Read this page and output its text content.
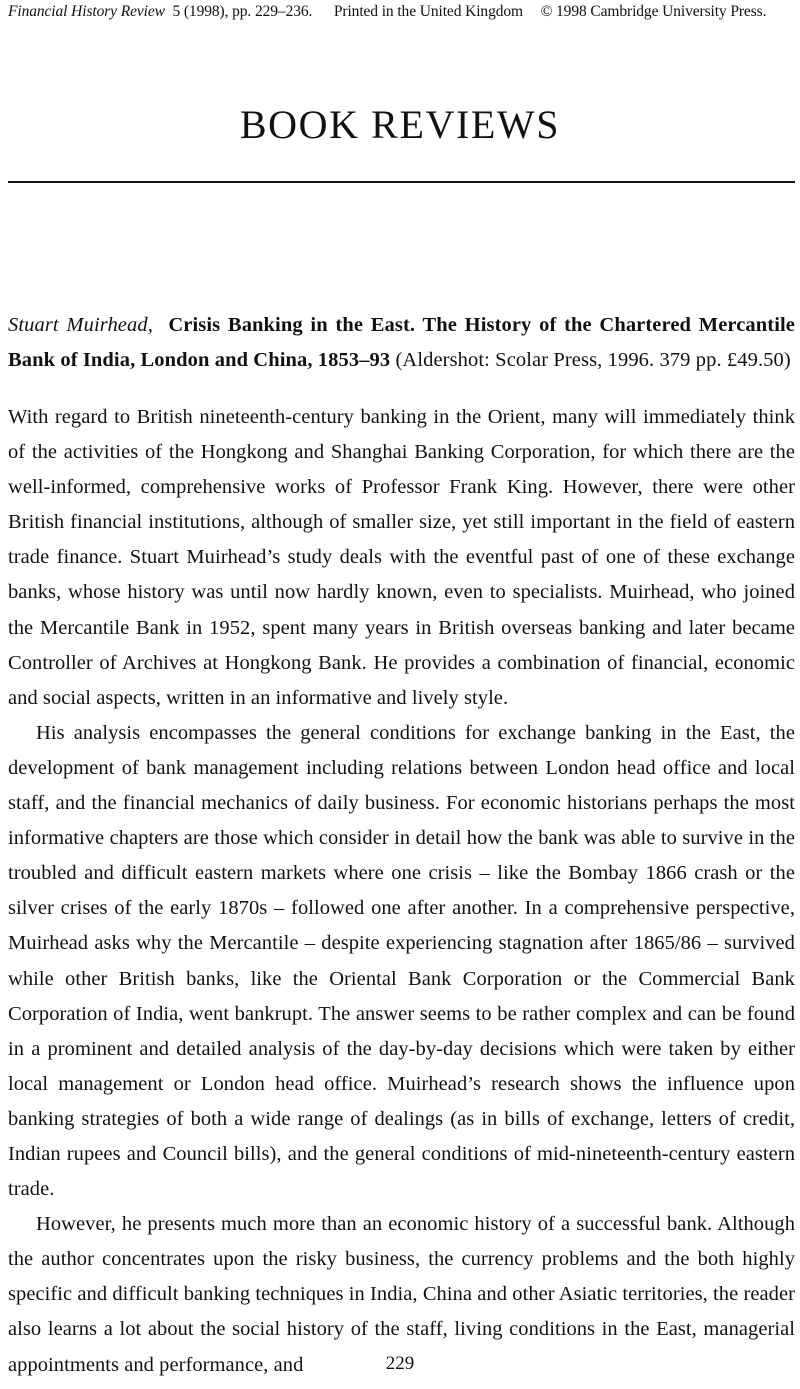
Financial History Review 5 (1998), pp. 229–236. Printed in the United Kingdom © 1998 Cambridge University Press.
BOOK REVIEWS

Stuart Muirhead, Crisis Banking in the East. The History of the Chartered Mercantile Bank of India, London and China, 1853–93 (Aldershot: Scolar Press, 1996. 379 pp. £49.50)

With regard to British nineteenth-century banking in the Orient, many will immediately think of the activities of the Hongkong and Shanghai Banking Corporation, for which there are the well-informed, comprehensive works of Professor Frank King. However, there were other British financial institutions, although of smaller size, yet still important in the field of eastern trade finance. Stuart Muirhead’s study deals with the eventful past of one of these exchange banks, whose history was until now hardly known, even to specialists. Muirhead, who joined the Mercantile Bank in 1952, spent many years in British overseas banking and later became Controller of Archives at Hongkong Bank. He provides a combination of financial, economic and social aspects, written in an informative and lively style.

His analysis encompasses the general conditions for exchange banking in the East, the development of bank management including relations between London head office and local staff, and the financial mechanics of daily business. For economic historians perhaps the most informative chapters are those which consider in detail how the bank was able to survive in the troubled and difficult eastern markets where one crisis – like the Bombay 1866 crash or the silver crises of the early 1870s – followed one after another. In a comprehensive perspective, Muirhead asks why the Mercantile – despite experiencing stagnation after 1865/86 – survived while other British banks, like the Oriental Bank Corporation or the Commercial Bank Corporation of India, went bankrupt. The answer seems to be rather complex and can be found in a prominent and detailed analysis of the day-by-day decisions which were taken by either local management or London head office. Muirhead’s research shows the influence upon banking strategies of both a wide range of dealings (as in bills of exchange, letters of credit, Indian rupees and Council bills), and the general conditions of mid-nineteenth-century eastern trade.

However, he presents much more than an economic history of a successful bank. Although the author concentrates upon the risky business, the currency problems and the both highly specific and difficult banking techniques in India, China and other Asiatic territories, the reader also learns a lot about the social history of the staff, living conditions in the East, managerial appointments and performance, and	229
